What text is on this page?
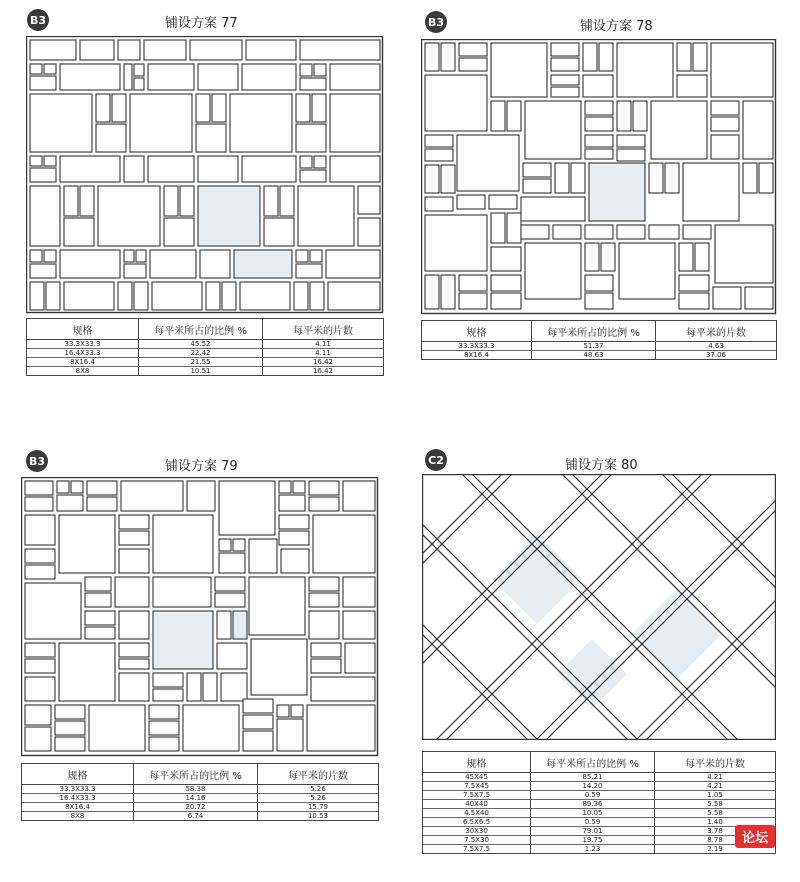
B3	铺设方案 77
规格	每平米所占的比例 %	每平米的片数
33.3X33.3	45.52	4.11
16.4X33.3	22.42	4.11
8X16.4	21.55	16.42
8X8	10.51	16.42
B3	铺设方案 78
规格	每平米所占的比例 %	每平米的片数
33.3X33.3	51.37	4.63
8X16.4	48.63	37.06
B3	铺设方案 79
规格	每平米所占的比例 %	每平米的片数
33.3X33.3	58.38	5.26
16.4X33.3	14.16	5.26
8X16.4	20.72	15.79
8X8	6.74	10.53
C2	铺设方案 80
规格	每平米所占的比例 %	每平米的片数
45X45	85.21	4.21
7.5X45	14.20	4.21
7.5X7.5	0.59	1.05
40X40	89.36	5.58
4.5X40	10.05	5.58
6.5X6.5	0.59	1.40
30X30	79.01	3.78
7.5X30	19.75	8.78
7.5X7.5	1.23	2.19
论坛
